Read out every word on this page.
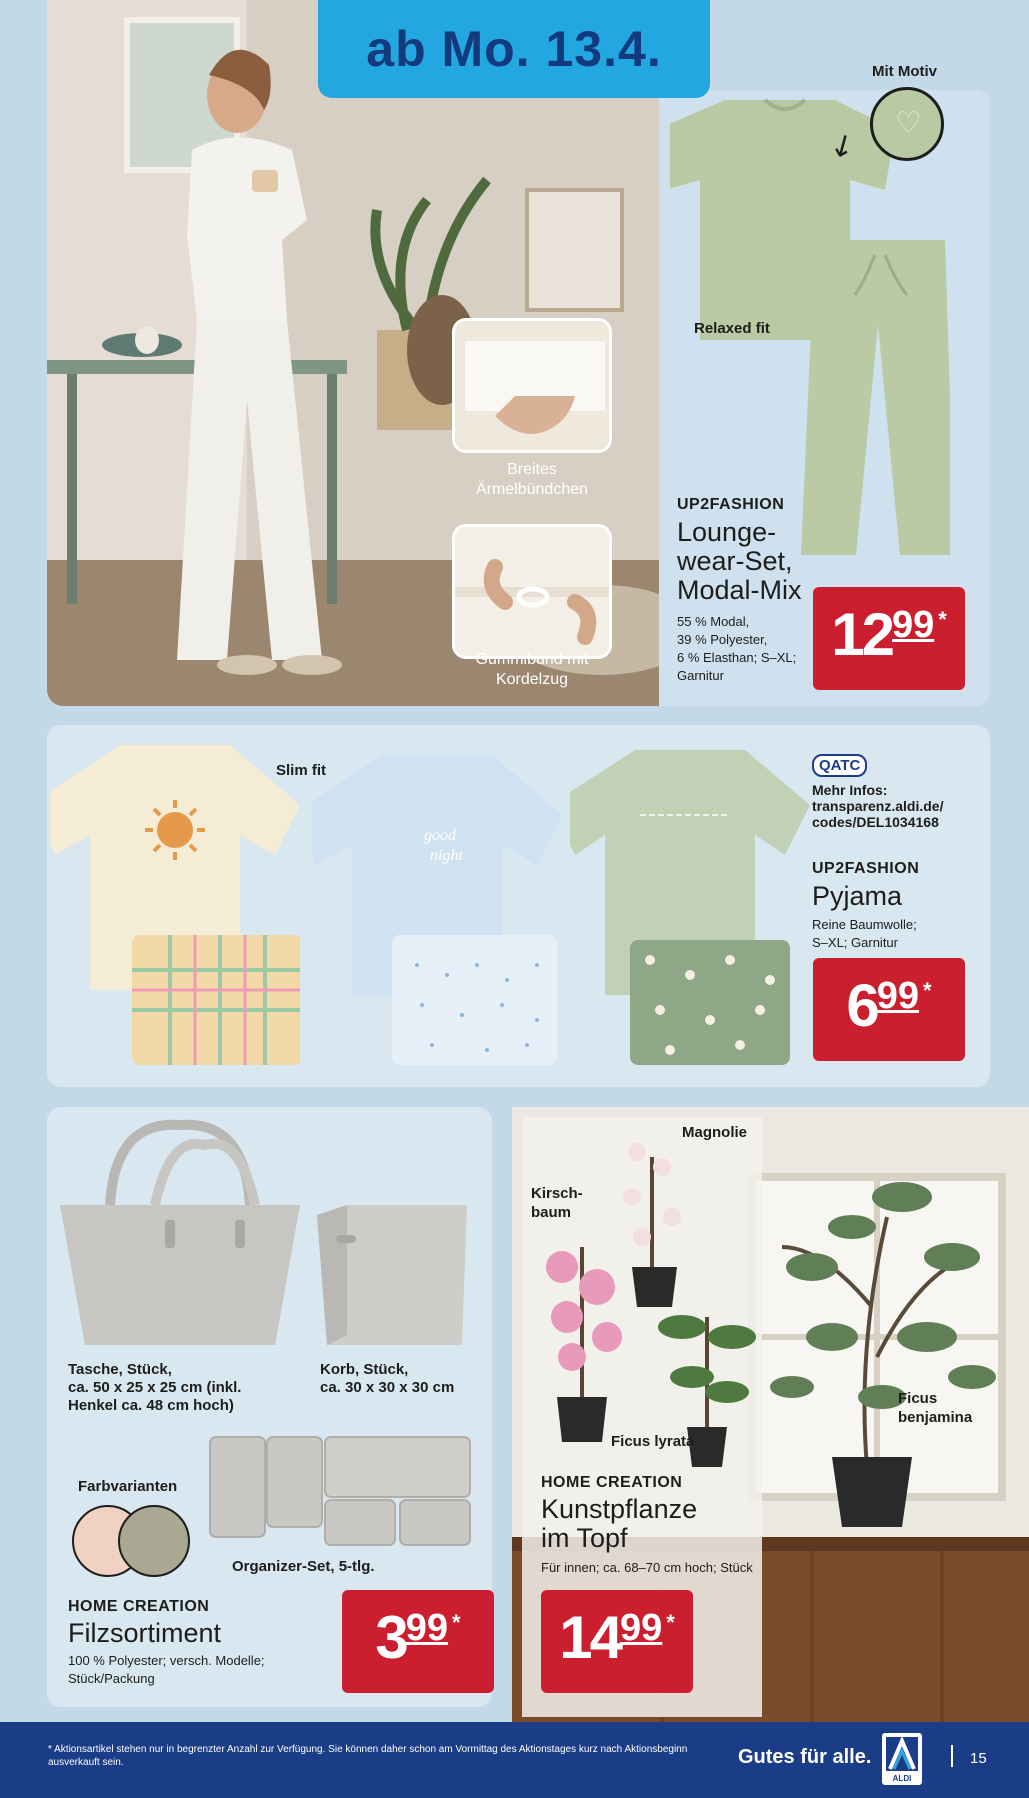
ab Mo. 13.4.
Breites
Ärmelbündchen
Gummibund mit
Kordelzug
♡
↙
Mit Motiv
Relaxed fit
UP2FASHION
Lounge-
wear-Set,
Modal-Mix
55 % Modal,
39 % Polyester,
6 % Elasthan; S–XL;
Garnitur
12 99 *
good
night
Slim fit	QATC
Mehr Infos:
transparenz.aldi.de/
codes/DEL1034168
UP2FASHION
Pyjama
Reine Baumwolle;
S–XL; Garnitur
6 99 *
Tasche, Stück,
ca. 50 x 25 x 25 cm (inkl.
Henkel ca. 48 cm hoch)
Korb, Stück,
ca. 30 x 30 x 30 cm
Farbvarianten
Organizer-Set, 5-tlg.
HOME CREATION
Filzsortiment
100 % Polyester; versch. Modelle;
Stück/Packung
3 99 *
Magnolie
Kirsch-
baum
Ficus lyrata
Ficus
benjamina
HOME CREATION
Kunstpflanze
im Topf
Für innen; ca. 68–70 cm hoch; Stück
14 99 *
* Aktionsartikel stehen nur in begrenzter Anzahl zur Verfügung. Sie können daher schon am Vormittag des Aktionstages kurz nach Aktionsbeginn ausverkauft sein.	Gutes für alle.
ALDI
15
